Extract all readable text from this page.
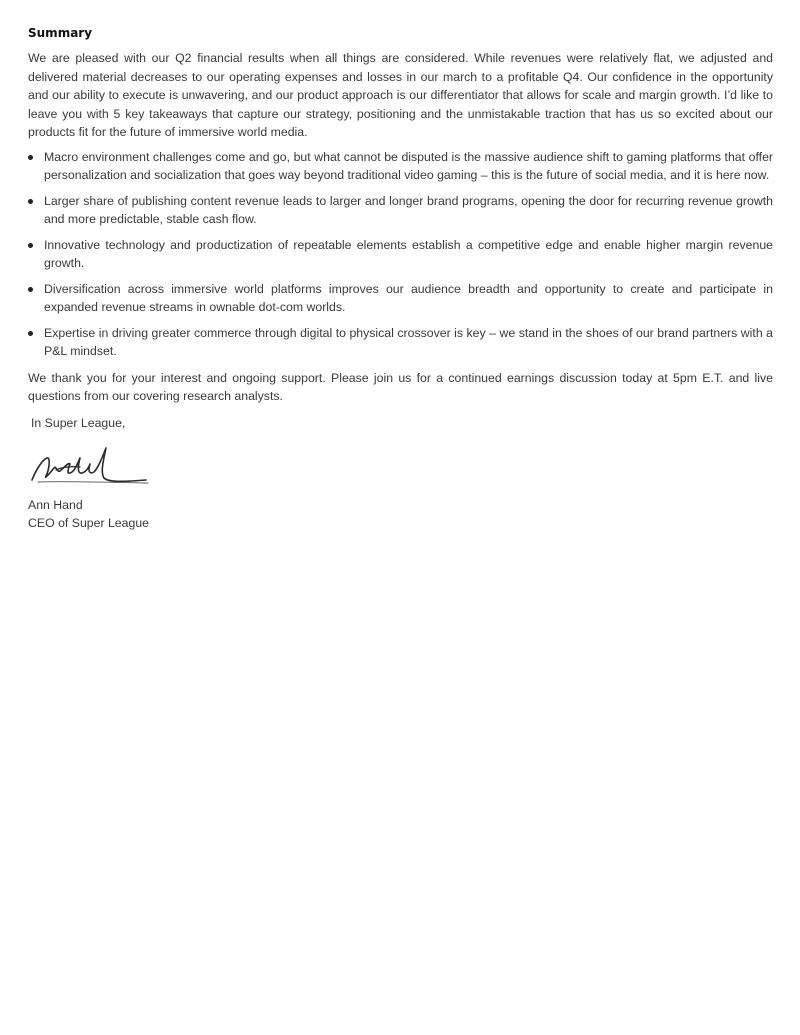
Summary

We are pleased with our Q2 financial results when all things are considered. While revenues were relatively flat, we adjusted and delivered material decreases to our operating expenses and losses in our march to a profitable Q4. Our confidence in the opportunity and our ability to execute is unwavering, and our product approach is our differentiator that allows for scale and margin growth. I’d like to leave you with 5 key takeaways that capture our strategy, positioning and the unmistakable traction that has us so excited about our products fit for the future of immersive world media.

Macro environment challenges come and go, but what cannot be disputed is the massive audience shift to gaming platforms that offer personalization and socialization that goes way beyond traditional video gaming – this is the future of social media, and it is here now.
Larger share of publishing content revenue leads to larger and longer brand programs, opening the door for recurring revenue growth and more predictable, stable cash flow.
Innovative technology and productization of repeatable elements establish a competitive edge and enable higher margin revenue growth.
Diversification across immersive world platforms improves our audience breadth and opportunity to create and participate in expanded revenue streams in ownable dot-com worlds.
Expertise in driving greater commerce through digital to physical crossover is key – we stand in the shoes of our brand partners with a P&L mindset.

We thank you for your interest and ongoing support. Please join us for a continued earnings discussion today at 5pm E.T. and live questions from our covering research analysts.

In Super League,

Ann Hand

CEO of Super League
